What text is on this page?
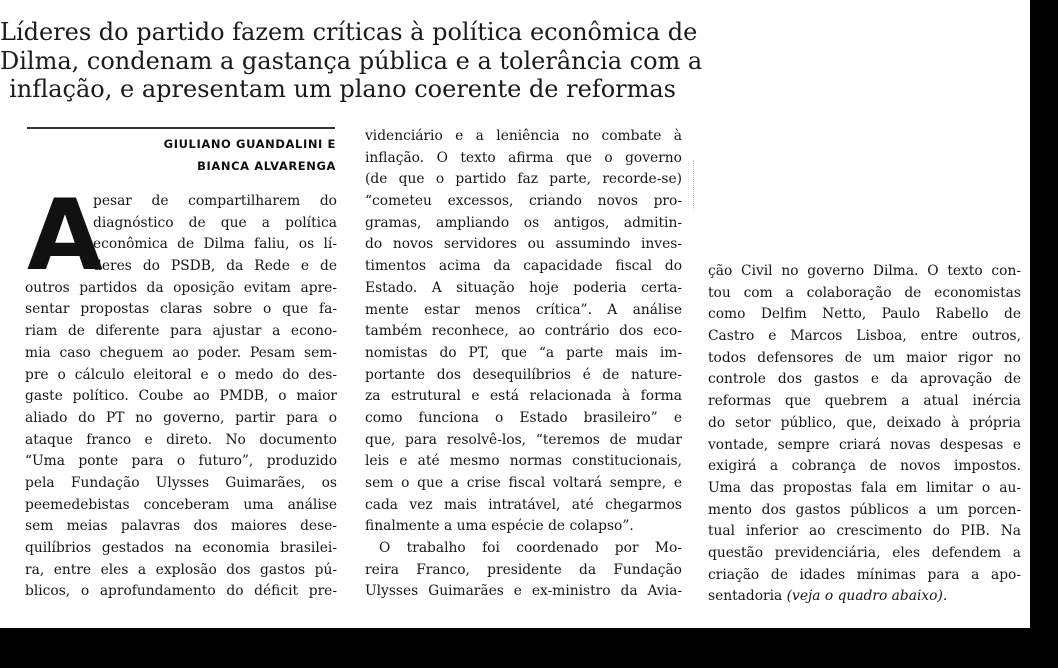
Líderes do partido fazem críticas à política econômica de
Dilma, condenam a gastança pública e a tolerância com a
inflação, e apresentam um plano coerente de reformas
GIULIANO GUANDALINI E
BIANCA ALVARENGA
A
pesar de compartilharem do
diagnóstico de que a política
econômica de Dilma faliu, os lí-
deres do PSDB, da Rede e de
outros partidos da oposição evitam apre-
sentar propostas claras sobre o que fa-
riam de diferente para ajustar a econo-
mia caso cheguem ao poder. Pesam sem-
pre o cálculo eleitoral e o medo do des-
gaste político. Coube ao PMDB, o maior
aliado do PT no governo, partir para o
ataque franco e direto. No documento
“Uma ponte para o futuro”, produzido
pela Fundação Ulysses Guimarães, os
peemedebistas conceberam uma análise
sem meias palavras dos maiores dese-
quilíbrios gestados na economia brasilei-
ra, entre eles a explosão dos gastos pú-
blicos, o aprofundamento do déficit pre-
videnciário e a leniência no combate à
inflação. O texto afirma que o governo
(de que o partido faz parte, recorde-se)
“cometeu excessos, criando novos pro-
gramas, ampliando os antigos, admitin-
do novos servidores ou assumindo inves-
timentos acima da capacidade fiscal do
Estado. A situação hoje poderia certa-
mente estar menos crítica”. A análise
também reconhece, ao contrário dos eco-
nomistas do PT, que “a parte mais im-
portante dos desequilíbrios é de nature-
za estrutural e está relacionada à forma
como funciona o Estado brasileiro” e
que, para resolvê-los, “teremos de mudar
leis e até mesmo normas constitucionais,
sem o que a crise fiscal voltará sempre, e
cada vez mais intratável, até chegarmos
finalmente a uma espécie de colapso”.
O trabalho foi coordenado por Mo-
reira Franco, presidente da Fundação
Ulysses Guimarães e ex-ministro da Avia-
ção Civil no governo Dilma. O texto con-
tou com a colaboração de economistas
como Delfim Netto, Paulo Rabello de
Castro e Marcos Lisboa, entre outros,
todos defensores de um maior rigor no
controle dos gastos e da aprovação de
reformas que quebrem a atual inércia
do setor público, que, deixado à própria
vontade, sempre criará novas despesas e
exigirá a cobrança de novos impostos.
Uma das propostas fala em limitar o au-
mento dos gastos públicos a um porcen-
tual inferior ao crescimento do PIB. Na
questão previdenciária, eles defendem a
criação de idades mínimas para a apo-
sentadoria (veja o quadro abaixo).
